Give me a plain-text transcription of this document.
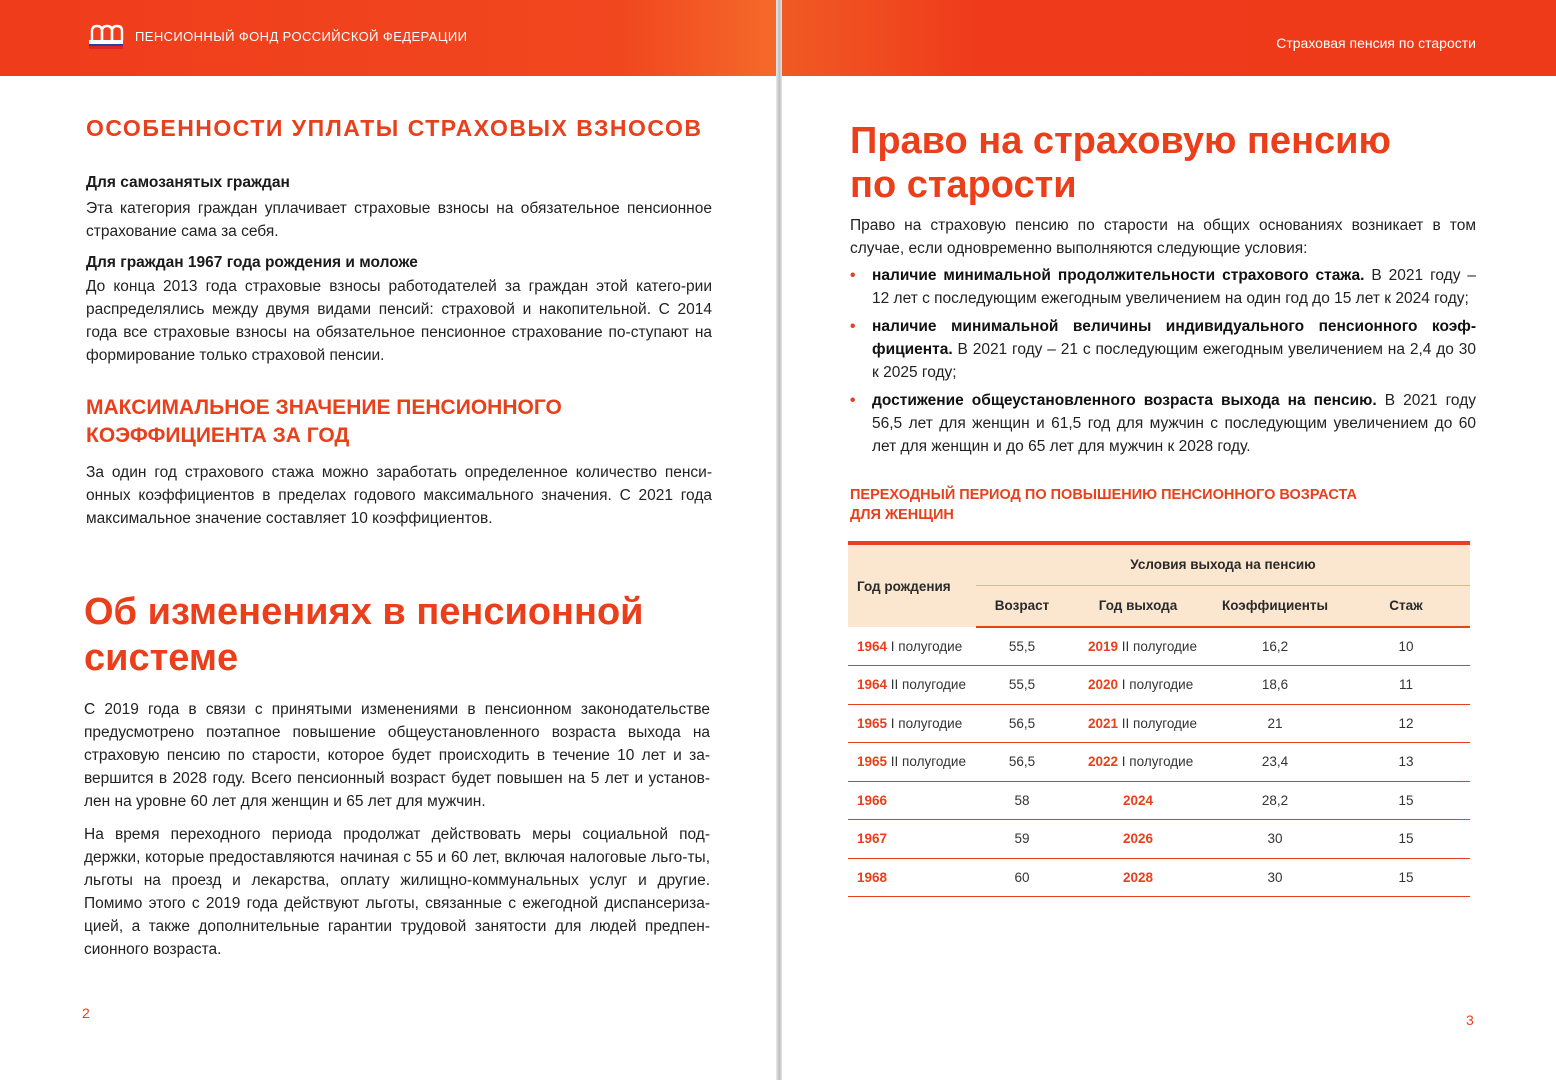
ПЕНСИОННЫЙ ФОНД РОССИЙСКОЙ ФЕДЕРАЦИИ
ОСОБЕННОСТИ УПЛАТЫ СТРАХОВЫХ ВЗНОСОВ
Для самозанятых граждан
Эта категория граждан уплачивает страховые взносы на обязательное пенсионное страхование сама за себя.
Для граждан 1967 года рождения и моложе
До конца 2013 года страховые взносы работодателей за граждан этой катего-рии распределялись между двумя видами пенсий: страховой и накопительной. С 2014 года все страховые взносы на обязательное пенсионное страхование по-ступают на формирование только страховой пенсии.
МАКСИМАЛЬНОЕ ЗНАЧЕНИЕ ПЕНСИОННОГО
КОЭФФИЦИЕНТА ЗА ГОД
За один год страхового стажа можно заработать определенное количество пенси-онных коэффициентов в пределах годового максимального значения. С 2021 года максимальное значение составляет 10 коэффициентов.
Об изменениях в пенсионной
системе
С 2019 года в связи с принятыми изменениями в пенсионном законодательстве предусмотрено поэтапное повышение общеустановленного возраста выхода на страховую пенсию по старости, которое будет происходить в течение 10 лет и за-вершится в 2028 году. Всего пенсионный возраст будет повышен на 5 лет и установ-лен на уровне 60 лет для женщин и 65 лет для мужчин.
На время переходного периода продолжат действовать меры социальной под-держки, которые предоставляются начиная с 55 и 60 лет, включая налоговые льго-ты, льготы на проезд и лекарства, оплату жилищно-коммунальных услуг и другие. Помимо этого с 2019 года действуют льготы, связанные с ежегодной диспансериза-цией, а также дополнительные гарантии трудовой занятости для людей предпен-сионного возраста.
2
Страховая пенсия по старости
Право на страховую пенсию
по старости
Право на страховую пенсию по старости на общих основаниях возникает в том случае, если одновременно выполняются следующие условия:
• наличие минимальной продолжительности страхового стажа. В 2021 году – 12 лет с последующим ежегодным увеличением на один год до 15 лет к 2024 году;
• наличие минимальной величины индивидуального пенсионного коэф-фициента. В 2021 году – 21 с последующим ежегодным увеличением на 2,4 до 30 к 2025 году;
• достижение общеустановленного возраста выхода на пенсию. В 2021 году 56,5 лет для женщин и 61,5 год для мужчин с последующим увеличением до 60 лет для женщин и до 65 лет для мужчин к 2028 году.
ПЕРЕХОДНЫЙ ПЕРИОД ПО ПОВЫШЕНИЮ ПЕНСИОННОГО ВОЗРАСТА
ДЛЯ ЖЕНЩИН

Год рождения	Условия выхода на пенсию			
	Возраст	Год выхода	Коэффициенты	Стаж
1964 I полугодие	55,5	2019 II полугодие	16,2	10
1964 II полугодие	55,5	2020 I полугодие	18,6	11
1965 I полугодие	56,5	2021 II полугодие	21	12
1965 II полугодие	56,5	2022 I полугодие	23,4	13
1966	58	2024	28,2	15
1967	59	2026	30	15
1968	60	2028	30	15
3
